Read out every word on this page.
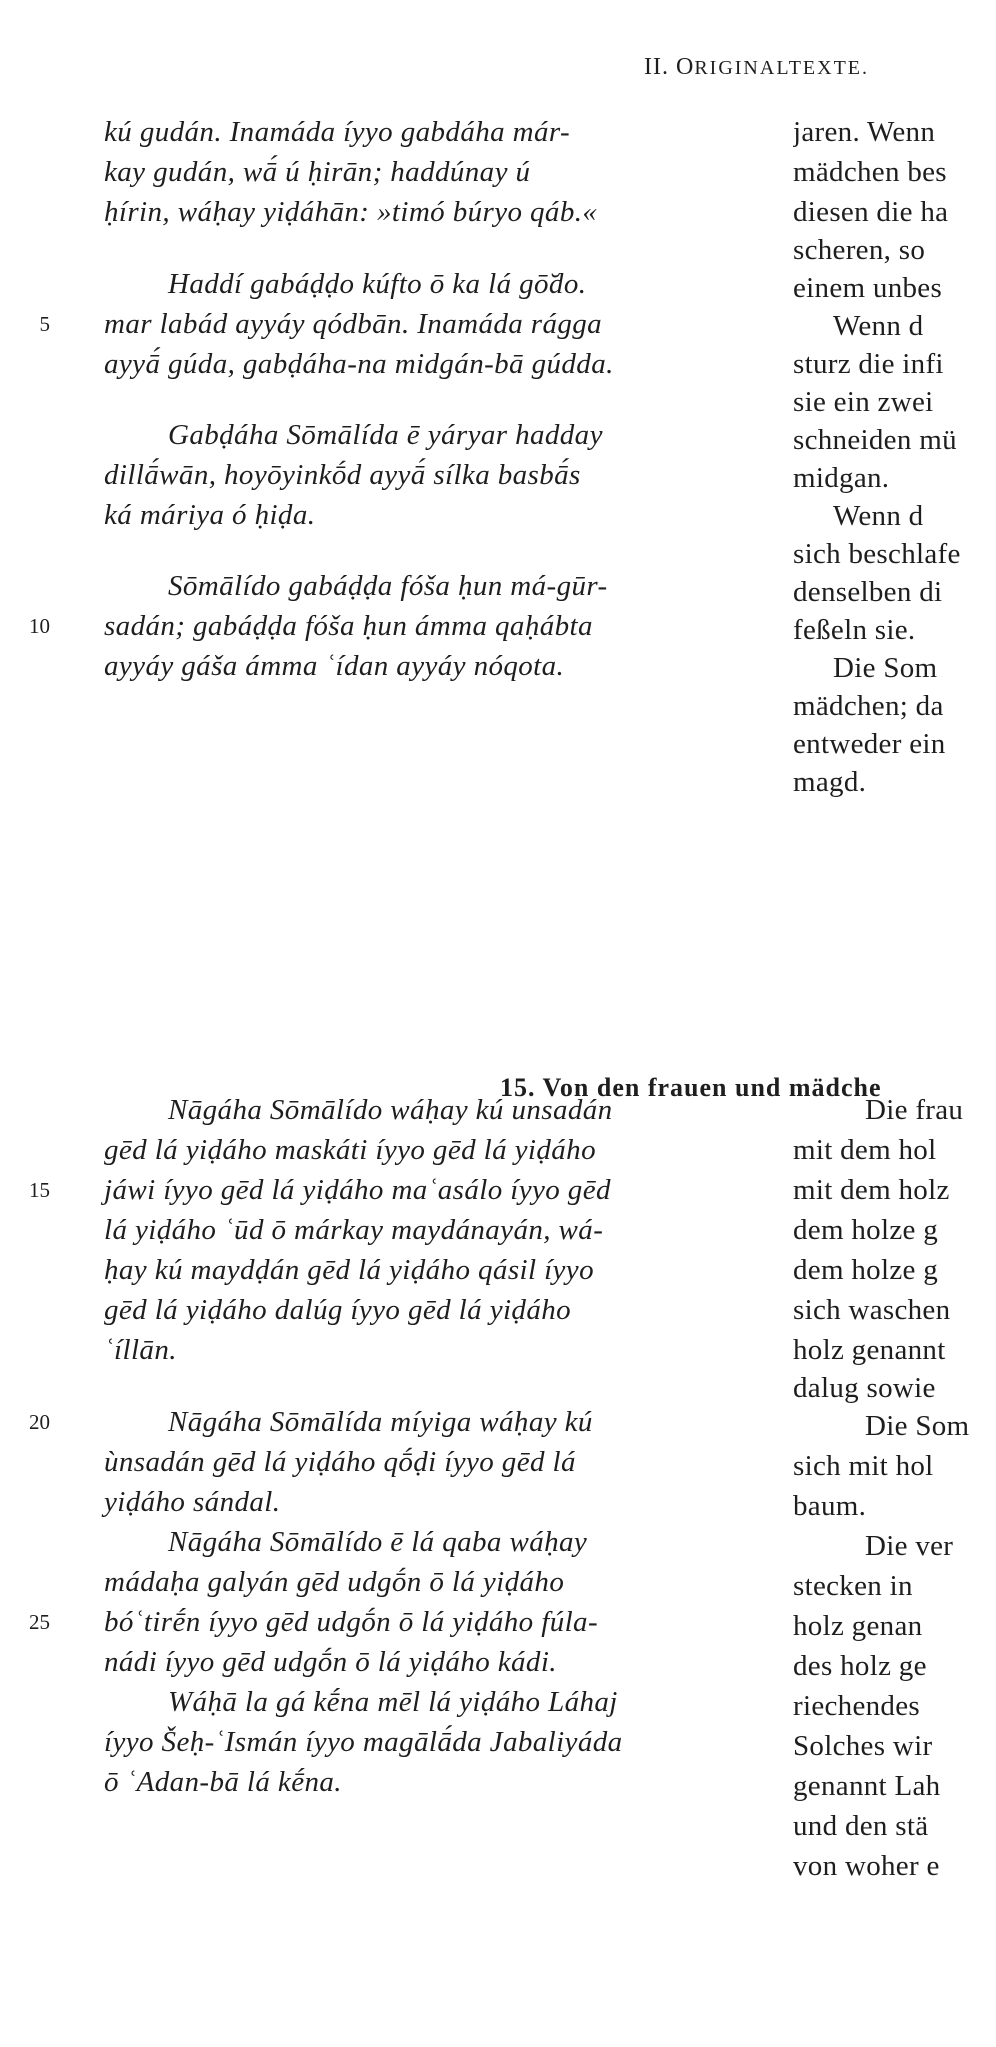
II. ORIGINALTEXTE.
kú gudán. Inamáda íyyo gabdáha már-
kay gudán, wā́ ú ḥirān; haddúnay ú
ḥírin, wáḥay yiḍáhān: »timó búryo qáb.«
Haddí gabáḍḍo kúfto ō ka lá gō̆do.
mar labád ayyáy qódbān. Inamáda rágga
ayyā́ gúda, gabḍáha-na midgán-bā gúdda.
Gabḍáha Sōmālída ē yáryar hadday
dillā́wān, hoyōyinkṓd ayyā́ sílka basbā́s
ká máriya ó ḥiḍa.
Sōmālído gabáḍḍa fóša ḥun má-gūr-
sadán; gabáḍḍa fóša ḥun ámma qaḥábta
ayyáy gáša ámma ʿídan ayyáy nóqota.
Nāgáha Sōmālído wáḥay kú unsadán
gēd lá yiḍáho maskáti íyyo gēd lá yiḍáho
jáwi íyyo gēd lá yiḍáho maʿasálo íyyo gēd
lá yiḍáho ʿūd ō márkay maydánayán, wá-
ḥay kú maydḍán gēd lá yiḍáho qásil íyyo
gēd lá yiḍáho dalúg íyyo gēd lá yiḍáho
ʿíllān.
Nāgáha Sōmālída míyiga wáḥay kú
ùnsadán gēd lá yiḍáho qṓḍi íyyo gēd lá
yiḍáho sándal.
Nāgáha Sōmālído ē lá qaba wáḥay
mádaḥa galyán gēd udgṓn ō lá yiḍáho
bóʿtirḗn íyyo gēd udgṓn ō lá yiḍáho fúla-
nádi íyyo gēd udgṓn ō lá yiḍáho kádi.
Wáḥā la gá kḗna mēl lá yiḍáho Láhaj
íyyo Šeḥ-ʿIsmán íyyo magālā́da Jabaliyáda
ō ʿAdan-bā lá kḗna.
5
10
15
20
25
15. Von den frauen und mädche
jaren. Wenn
mädchen bes
diesen die ha
scheren, so
einem unbes
Wenn d
sturz die infi
sie ein zwei
schneiden mü
midgan.
Wenn d
sich beschlafe
denselben di
feßeln sie.
Die Som
mädchen; da
entweder ein
magd.
Die frau
mit dem hol
mit dem holz
dem holze g
dem holze g
sich waschen
holz genannt
dalug sowie
Die Som
sich mit hol
baum.
Die ver
stecken in
holz genan
des holz ge
riechendes
Solches wir
genannt Lah
und den stä
von woher e
